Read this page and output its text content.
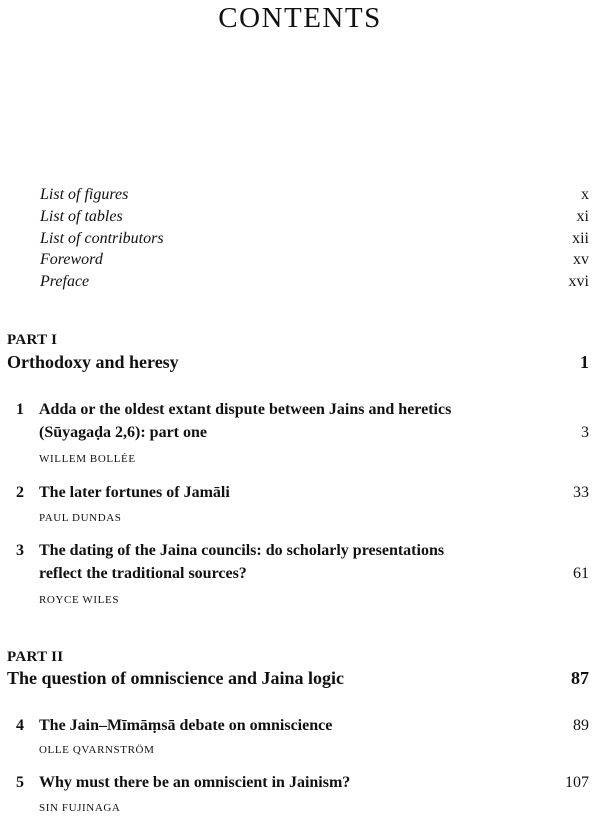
CONTENTS
List of figures	x
List of tables	xi
List of contributors	xii
Foreword	xv
Preface	xvi
PART I
Orthodoxy and heresy	1
1 Adda or the oldest extant dispute between Jains and heretics
(Sūyagaḍa 2,6): part one	3
WILLEM BOLLÉE
2 The later fortunes of Jamāli	33
PAUL DUNDAS
3 The dating of the Jaina councils: do scholarly presentations
reflect the traditional sources?	61
ROYCE WILES
PART II
The question of omniscience and Jaina logic	87
4 The Jain–Mīmāṃsā debate on omniscience	89
OLLE QVARNSTRÖM
5 Why must there be an omniscient in Jainism?	107
SIN FUJINAGA
